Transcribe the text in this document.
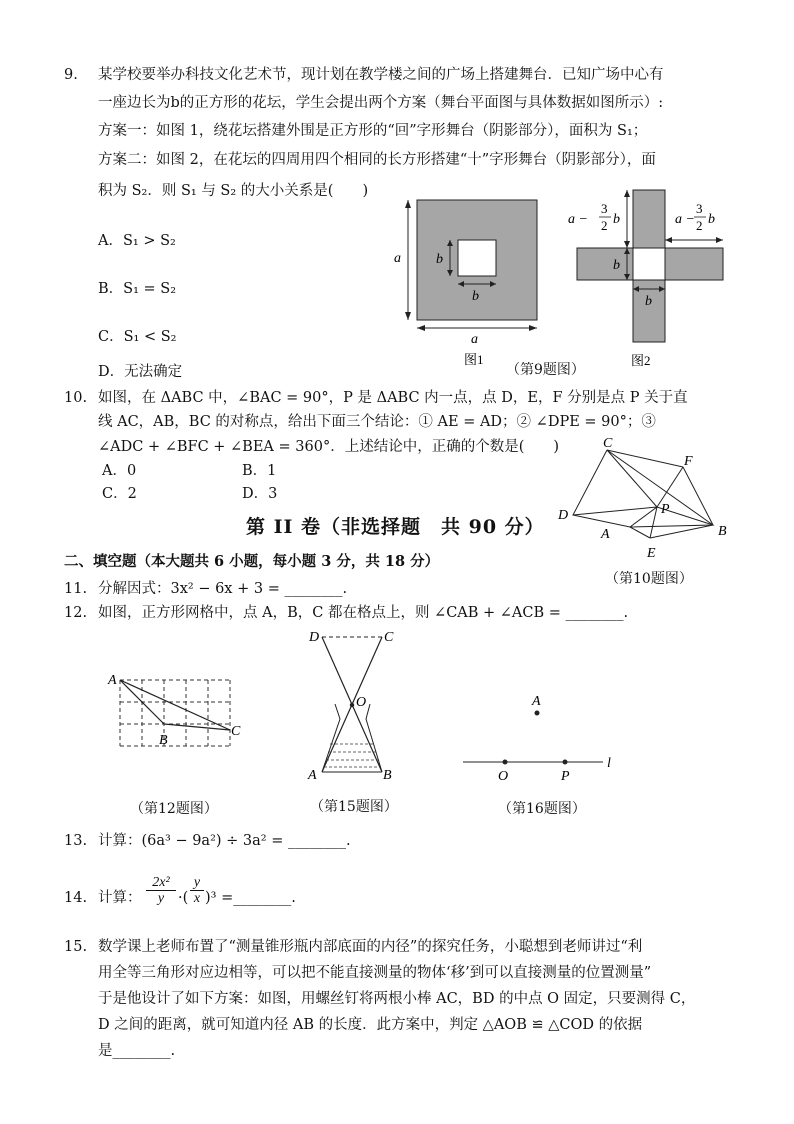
9. 某学校要举办科技文化艺术节，现计划在教学楼之间的广场上搭建舞台．已知广场中心有
一座边长为b的正方形的花坛，学生会提出两个方案（舞台平面图与具体数据如图所示）:
方案一：如图 1，绕花坛搭建外围是正方形的“回”字形舞台（阴影部分），面积为 S₁；
方案二：如图 2，在花坛的四周用四个相同的长方形搭建“十”字形舞台（阴影部分），面
积为 S₂．则 S₁ 与 S₂ 的大小关系是(　　)
A．S₁ > S₂
B．S₁ = S₂
C．S₁ < S₂
D．无法确定
a
a
b
b
图1
a −
3
2 b	a −
3
2 b
b
b
图2
（第9题图）
10. 如图，在 ΔABC 中，∠BAC = 90°，P 是 ΔABC 内一点，点 D，E，F 分别是点 P 关于直
线 AC，AB，BC 的对称点，给出下面三个结论：① AE = AD；② ∠DPE = 90°；③
∠ADC + ∠BFC + ∠BEA = 360°．上述结论中，正确的个数是(　　)
A．0	B．1
C．2	D．3
C
F
D	P
B
A
E
（第10题图）
第 II 卷（非选择题　共 90 分）
二、填空题（本大题共 6 小题，每小题 3 分，共 18 分）
11. 分解因式：3x² − 6x + 3 = ________.
12. 如图，正方形网格中，点 A，B，C 都在格点上，则 ∠CAB + ∠ACB = ________.
A
B
C
（第12题图）
D	C
O
A	B
（第15题图）
A
O	P
l
（第16题图）
13. 计算：(6a³ − 9a²) ÷ 3a² = ________.
14. 计算： $\frac{\text{2x²}}{y}$ ·( $\frac{y}{x} )^3$ =________.
15. 数学课上老师布置了“测量锥形瓶内部底面的内径”的探究任务，小聪想到老师讲过“利
用全等三角形对应边相等，可以把不能直接测量的物体‘移’到可以直接测量的位置测量”
于是他设计了如下方案：如图，用螺丝钉将两根小棒 AC，BD 的中点 O 固定，只要测得 C，
D 之间的距离，就可知道内径 AB 的长度．此方案中，判定 △AOB ≌ △COD 的依据
是________.
